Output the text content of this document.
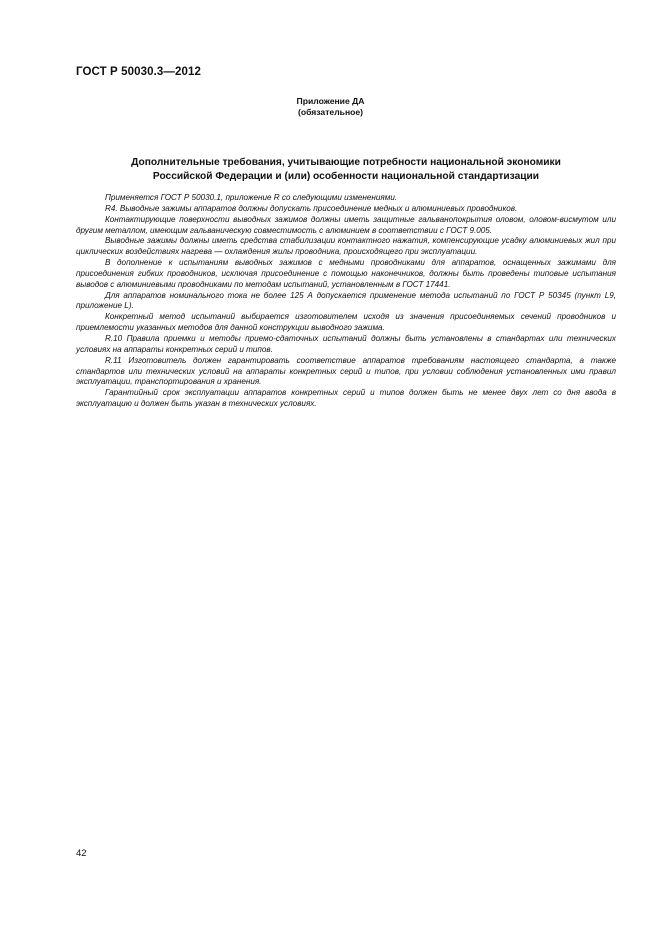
ГОСТ Р 50030.3—2012
Приложение ДА
(обязательное)
Дополнительные требования, учитывающие потребности национальной экономики
Российской Федерации и (или) особенности национальной стандартизации

Применяется ГОСТ Р 50030.1, приложение R со следующими изменениями.

R4. Выводные зажимы аппаратов должны допускать присоединение медных и алюминиевых проводников.

Контактирующие поверхности выводных зажимов должны иметь защитные гальванопокрытия оловом, оловом-висмутом или другим металлом, имеющим гальваническую совместимость с алюминием в соответствии с ГОСТ 9.005.

Выводные зажимы должны иметь средства стабилизации контактного нажатия, компенсирующие усадку алюминиевых жил при циклических воздействиях нагрева — охлаждения жилы проводника, происходящего при эксплуатации.

В дополнение к испытаниям выводных зажимов с медными проводниками для аппаратов, оснащенных зажимами для присоединения гибких проводников, исключая присоединение с помощью наконечников, должны быть проведены типовые испытания выводов с алюминиевыми проводниками по методам испытаний, установленным в ГОСТ 17441.

Для аппаратов номинального тока не более 125 А допускается применение метода испытаний по ГОСТ Р 50345 (пункт L9, приложение L).

Конкретный метод испытаний выбирается изготовителем исходя из значения присоединяемых сечений проводников и приемлемости указанных методов для данной конструкции выводного зажима.

R.10 Правила приемки и методы приемо-сдаточных испытаний должны быть установлены в стандартах или технических условиях на аппараты конкретных серий и типов.

R.11 Изготовитель должен гарантировать соответствие аппаратов требованиям настоящего стандарта, а также стандартов или технических условий на аппараты конкретных серий и типов, при условии соблюдения установленных ими правил эксплуатации, транспортирования и хранения.

Гарантийный срок эксплуатации аппаратов конкретных серий и типов должен быть не менее двух лет со дня ввода в эксплуатацию и должен быть указан в технических условиях.

42
